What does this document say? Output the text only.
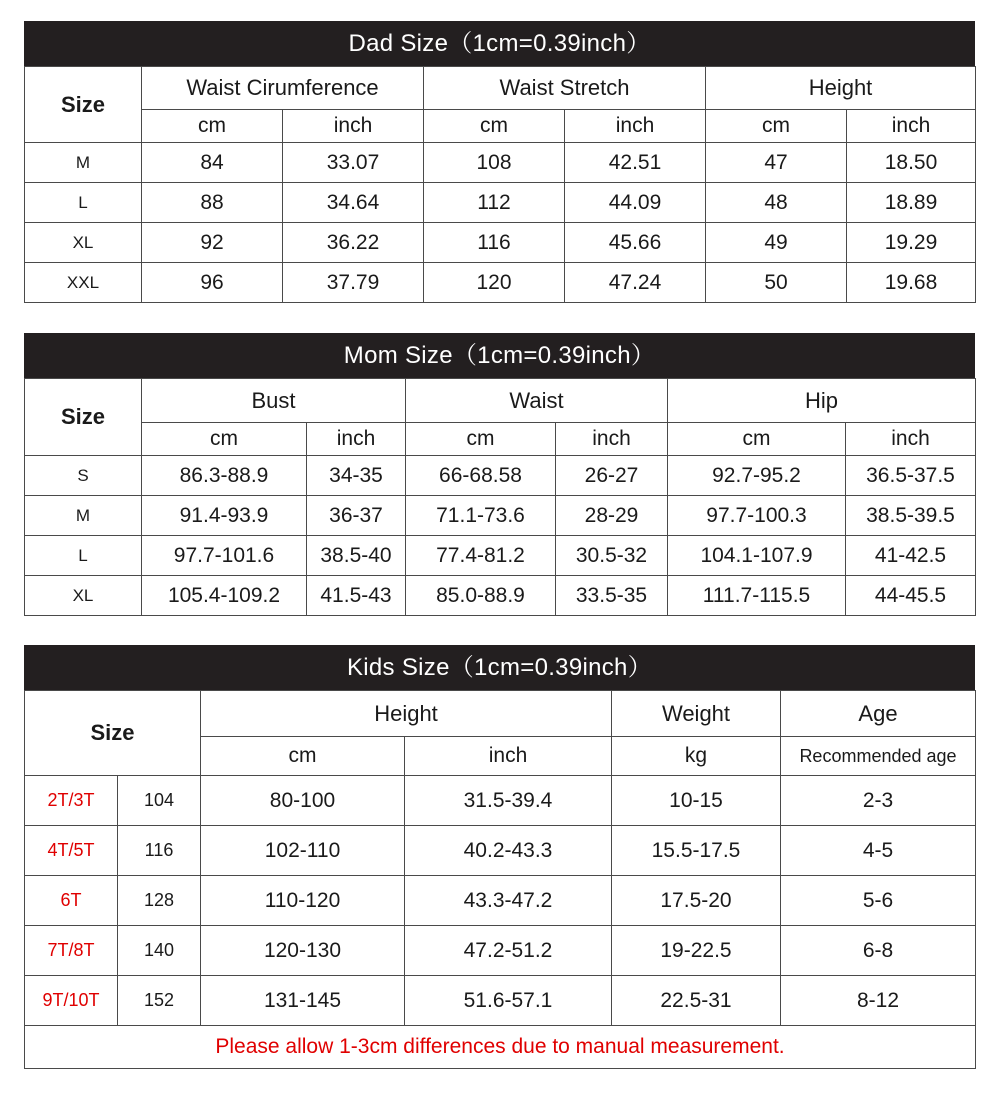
Dad Size（1cm=0.39inch）
Size	Waist Cirumference		Waist Stretch		Height	
	cm	inch	cm	inch	cm	inch
M	84	33.07	108	42.51	47	18.50
L	88	34.64	112	44.09	48	18.89
XL	92	36.22	116	45.66	49	19.29
XXL	96	37.79	120	47.24	50	19.68
Mom Size（1cm=0.39inch）
Size	Bust		Waist		Hip	
	cm	inch	cm	inch	cm	inch
S	86.3-88.9	34-35	66-68.58	26-27	92.7-95.2	36.5-37.5
M	91.4-93.9	36-37	71.1-73.6	28-29	97.7-100.3	38.5-39.5
L	97.7-101.6	38.5-40	77.4-81.2	30.5-32	104.1-107.9	41-42.5
XL	105.4-109.2	41.5-43	85.0-88.9	33.5-35	111.7-115.5	44-45.5
Kids Size（1cm=0.39inch）
Size		Height		Weight	Age
		cm	inch	kg	Recommended age
2T/3T	104	80-100	31.5-39.4	10-15	2-3
4T/5T	116	102-110	40.2-43.3	15.5-17.5	4-5
6T	128	110-120	43.3-47.2	17.5-20	5-6
7T/8T	140	120-130	47.2-51.2	19-22.5	6-8
9T/10T	152	131-145	51.6-57.1	22.5-31	8-12
Please allow 1-3cm differences due to manual measurement.					
